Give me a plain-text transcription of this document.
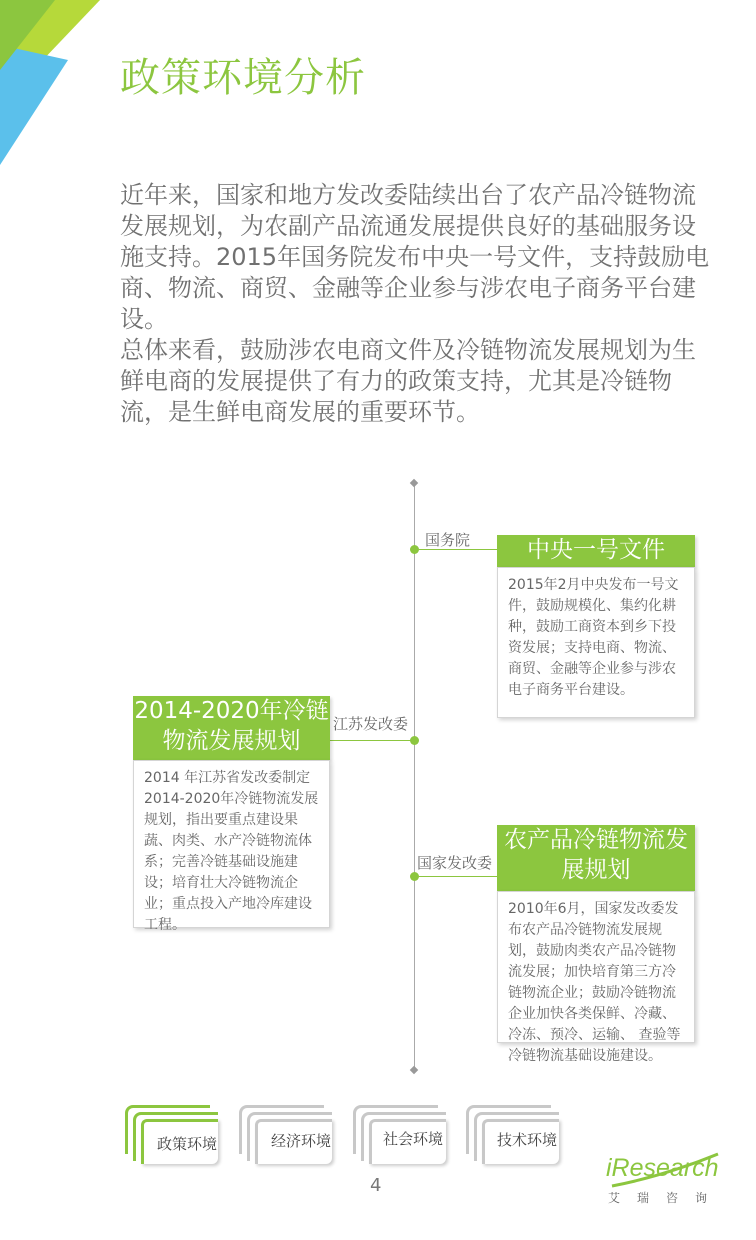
政策环境分析

近年来，国家和地方发改委陆续出台了农产品冷链物流发展规划，为农副产品流通发展提供良好的基础服务设施支持。2015年国务院发布中央一号文件，支持鼓励电商、物流、商贸、金融等企业参与涉农电子商务平台建设。

总体来看，鼓励涉农电商文件及冷链物流发展规划为生鲜电商的发展提供了有力的政策支持，尤其是冷链物流，是生鲜电商发展的重要环节。

国务院	中央一号文件
2015年2月中央发布一号文件，鼓励规模化、集约化耕种，鼓励工商资本到乡下投资发展；支持电商、物流、商贸、金融等企业参与涉农电子商务平台建设。
江苏发改委
2014-2020年冷链物流发展规划
2014 年江苏省发改委制定2014-2020年冷链物流发展规划，指出要重点建设果蔬、肉类、水产冷链物流体系；完善冷链基础设施建设；培育壮大冷链物流企业；重点投入产地冷库建设工程。
国家发改委
农产品冷链物流发展规划
2010年6月，国家发改委发布农产品冷链物流发展规划，鼓励肉类农产品冷链物流发展；加快培育第三方冷链物流企业；鼓励冷链物流企业加快各类保鲜、冷藏、冷冻、预冷、运输、 查验等冷链物流基础设施建设。
政策环境	经济环境	社会环境	技术环境
4
iResearch
艾瑞咨询
